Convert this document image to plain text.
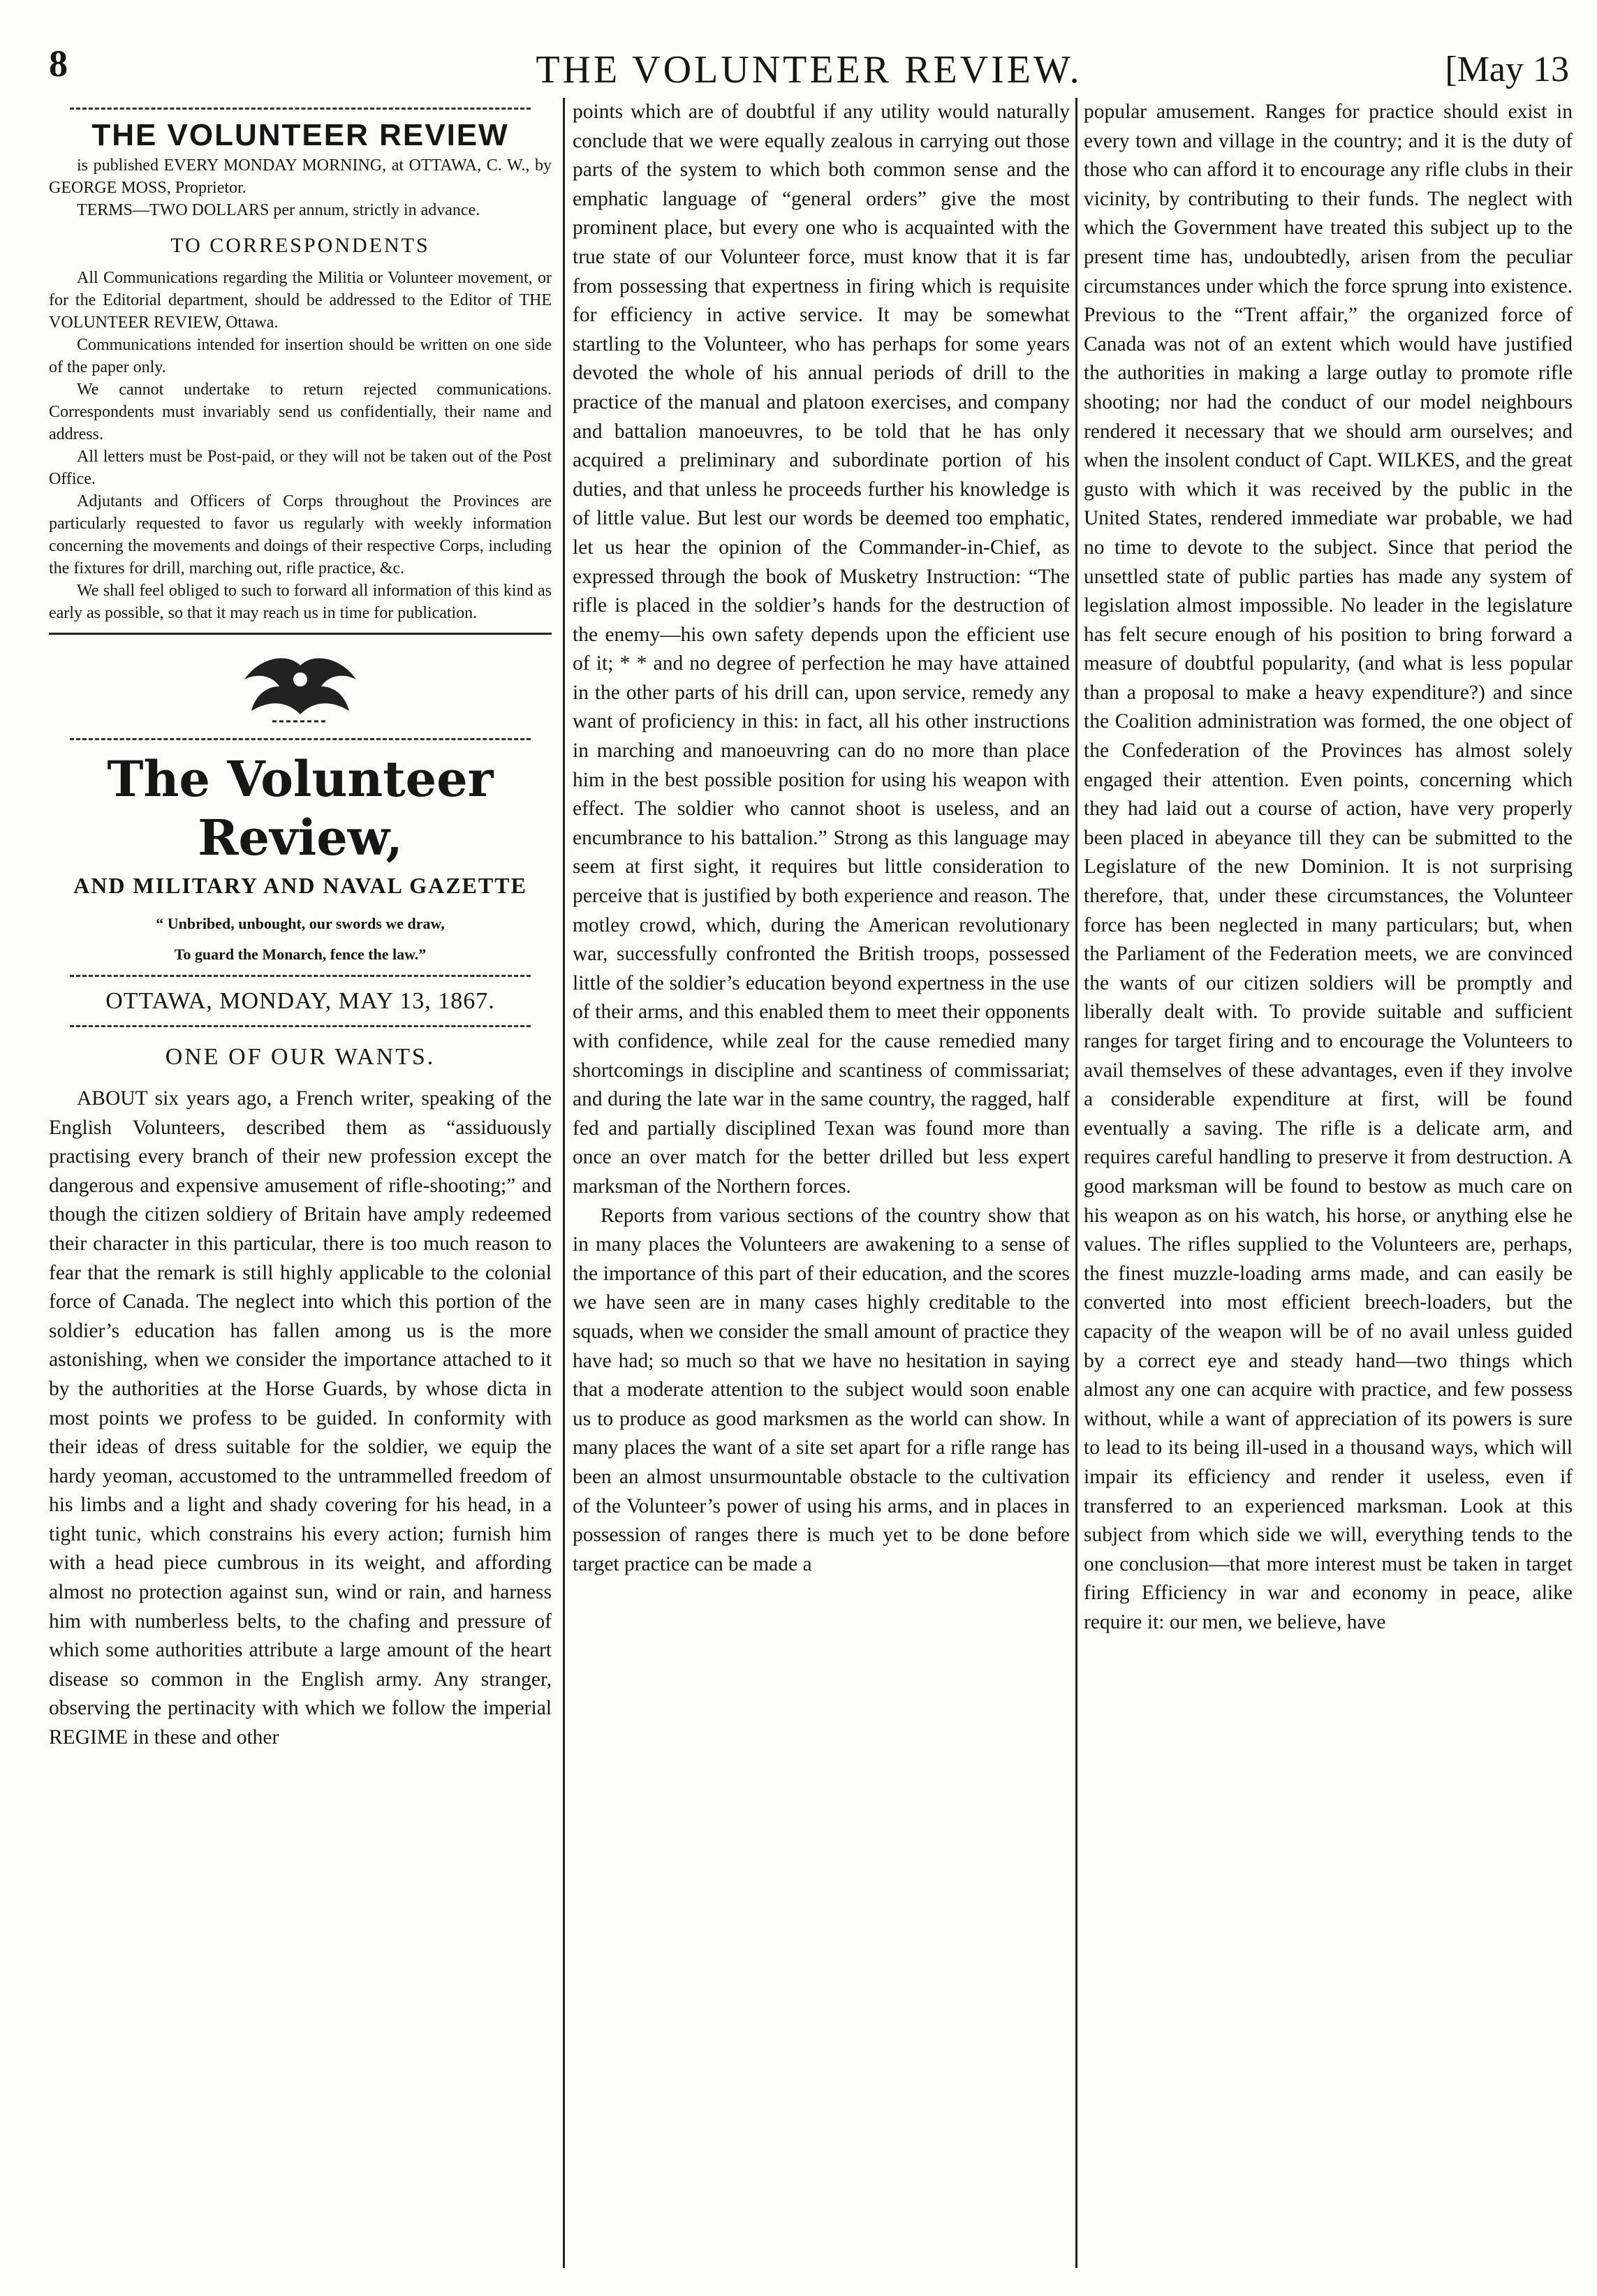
8	THE VOLUNTEER REVIEW.	[May 13
THE VOLUNTEER REVIEW

is published EVERY MONDAY MORNING, at OTTAWA, C. W., by GEORGE MOSS, Proprietor.

TERMS—TWO DOLLARS per annum, strictly in advance.

TO CORRESPONDENTS

All Communications regarding the Militia or Volunteer movement, or for the Editorial department, should be addressed to the Editor of THE VOLUNTEER REVIEW, Ottawa.

Communications intended for insertion should be written on one side of the paper only.

We cannot undertake to return rejected communications. Correspondents must invariably send us confidentially, their name and address.

All letters must be Post-paid, or they will not be taken out of the Post Office.

Adjutants and Officers of Corps throughout the Provinces are particularly requested to favor us regularly with weekly information concerning the movements and doings of their respective Corps, including the fixtures for drill, marching out, rifle practice, &c.

We shall feel obliged to such to forward all information of this kind as early as possible, so that it may reach us in time for publication.

The Volunteer Review,
AND MILITARY AND NAVAL GAZETTE
“ Unbribed, unbought, our swords we draw,
To guard the Monarch, fence the law.”
OTTAWA, MONDAY, MAY 13, 1867.
ONE OF OUR WANTS.

ABOUT six years ago, a French writer, speaking of the English Volunteers, described them as “assiduously practising every branch of their new profession except the dangerous and expensive amusement of rifle-shooting;” and though the citizen soldiery of Britain have amply redeemed their character in this particular, there is too much reason to fear that the remark is still highly applicable to the colonial force of Canada. The neglect into which this portion of the soldier’s education has fallen among us is the more astonishing, when we consider the importance attached to it by the authorities at the Horse Guards, by whose dicta in most points we profess to be guided. In conformity with their ideas of dress suitable for the soldier, we equip the hardy yeoman, accustomed to the untrammelled freedom of his limbs and a light and shady covering for his head, in a tight tunic, which constrains his every action; furnish him with a head piece cumbrous in its weight, and affording almost no protection against sun, wind or rain, and harness him with numberless belts, to the chafing and pressure of which some authorities attribute a large amount of the heart disease so common in the English army. Any stranger, observing the pertinacity with which we follow the imperial REGIME in these and other

points which are of doubtful if any utility would naturally conclude that we were equally zealous in carrying out those parts of the system to which both common sense and the emphatic language of “general orders” give the most prominent place, but every one who is acquainted with the true state of our Volunteer force, must know that it is far from possessing that expertness in firing which is requisite for efficiency in active service. It may be somewhat startling to the Volunteer, who has perhaps for some years devoted the whole of his annual periods of drill to the practice of the manual and platoon exercises, and company and battalion manoeuvres, to be told that he has only acquired a preliminary and subordinate portion of his duties, and that unless he proceeds further his knowledge is of little value. But lest our words be deemed too emphatic, let us hear the opinion of the Commander-in-Chief, as expressed through the book of Musketry Instruction: “The rifle is placed in the soldier’s hands for the destruction of the enemy—his own safety depends upon the efficient use of it; * * and no degree of perfection he may have attained in the other parts of his drill can, upon service, remedy any want of proficiency in this: in fact, all his other instructions in marching and manoeuvring can do no more than place him in the best possible position for using his weapon with effect. The soldier who cannot shoot is useless, and an encumbrance to his battalion.” Strong as this language may seem at first sight, it requires but little consideration to perceive that is justified by both experience and reason. The motley crowd, which, during the American revolutionary war, successfully confronted the British troops, possessed little of the soldier’s education beyond expertness in the use of their arms, and this enabled them to meet their opponents with confidence, while zeal for the cause remedied many shortcomings in discipline and scantiness of commissariat; and during the late war in the same country, the ragged, half fed and partially disciplined Texan was found more than once an over match for the better drilled but less expert marksman of the Northern forces.

Reports from various sections of the country show that in many places the Volunteers are awakening to a sense of the importance of this part of their education, and the scores we have seen are in many cases highly creditable to the squads, when we consider the small amount of practice they have had; so much so that we have no hesitation in saying that a moderate attention to the subject would soon enable us to produce as good marksmen as the world can show. In many places the want of a site set apart for a rifle range has been an almost unsurmountable obstacle to the cultivation of the Volunteer’s power of using his arms, and in places in possession of ranges there is much yet to be done before target practice can be made a

popular amusement. Ranges for practice should exist in every town and village in the country; and it is the duty of those who can afford it to encourage any rifle clubs in their vicinity, by contributing to their funds. The neglect with which the Government have treated this subject up to the present time has, undoubtedly, arisen from the peculiar circumstances under which the force sprung into existence. Previous to the “Trent affair,” the organized force of Canada was not of an extent which would have justified the authorities in making a large outlay to promote rifle shooting; nor had the conduct of our model neighbours rendered it necessary that we should arm ourselves; and when the insolent conduct of Capt. WILKES, and the great gusto with which it was received by the public in the United States, rendered immediate war probable, we had no time to devote to the subject. Since that period the unsettled state of public parties has made any system of legislation almost impossible. No leader in the legislature has felt secure enough of his position to bring forward a measure of doubtful popularity, (and what is less popular than a proposal to make a heavy expenditure?) and since the Coalition administration was formed, the one object of the Confederation of the Provinces has almost solely engaged their attention. Even points, concerning which they had laid out a course of action, have very properly been placed in abeyance till they can be submitted to the Legislature of the new Dominion. It is not surprising therefore, that, under these circumstances, the Volunteer force has been neglected in many particulars; but, when the Parliament of the Federation meets, we are convinced the wants of our citizen soldiers will be promptly and liberally dealt with. To provide suitable and sufficient ranges for target firing and to encourage the Volunteers to avail themselves of these advantages, even if they involve a considerable expenditure at first, will be found eventually a saving. The rifle is a delicate arm, and requires careful handling to preserve it from destruction. A good marksman will be found to bestow as much care on his weapon as on his watch, his horse, or anything else he values. The rifles supplied to the Volunteers are, perhaps, the finest muzzle-loading arms made, and can easily be converted into most efficient breech-loaders, but the capacity of the weapon will be of no avail unless guided by a correct eye and steady hand—two things which almost any one can acquire with practice, and few possess without, while a want of appreciation of its powers is sure to lead to its being ill-used in a thousand ways, which will impair its efficiency and render it useless, even if transferred to an experienced marksman. Look at this subject from which side we will, everything tends to the one conclusion—that more interest must be taken in target firing Efficiency in war and economy in peace, alike require it: our men, we believe, have
